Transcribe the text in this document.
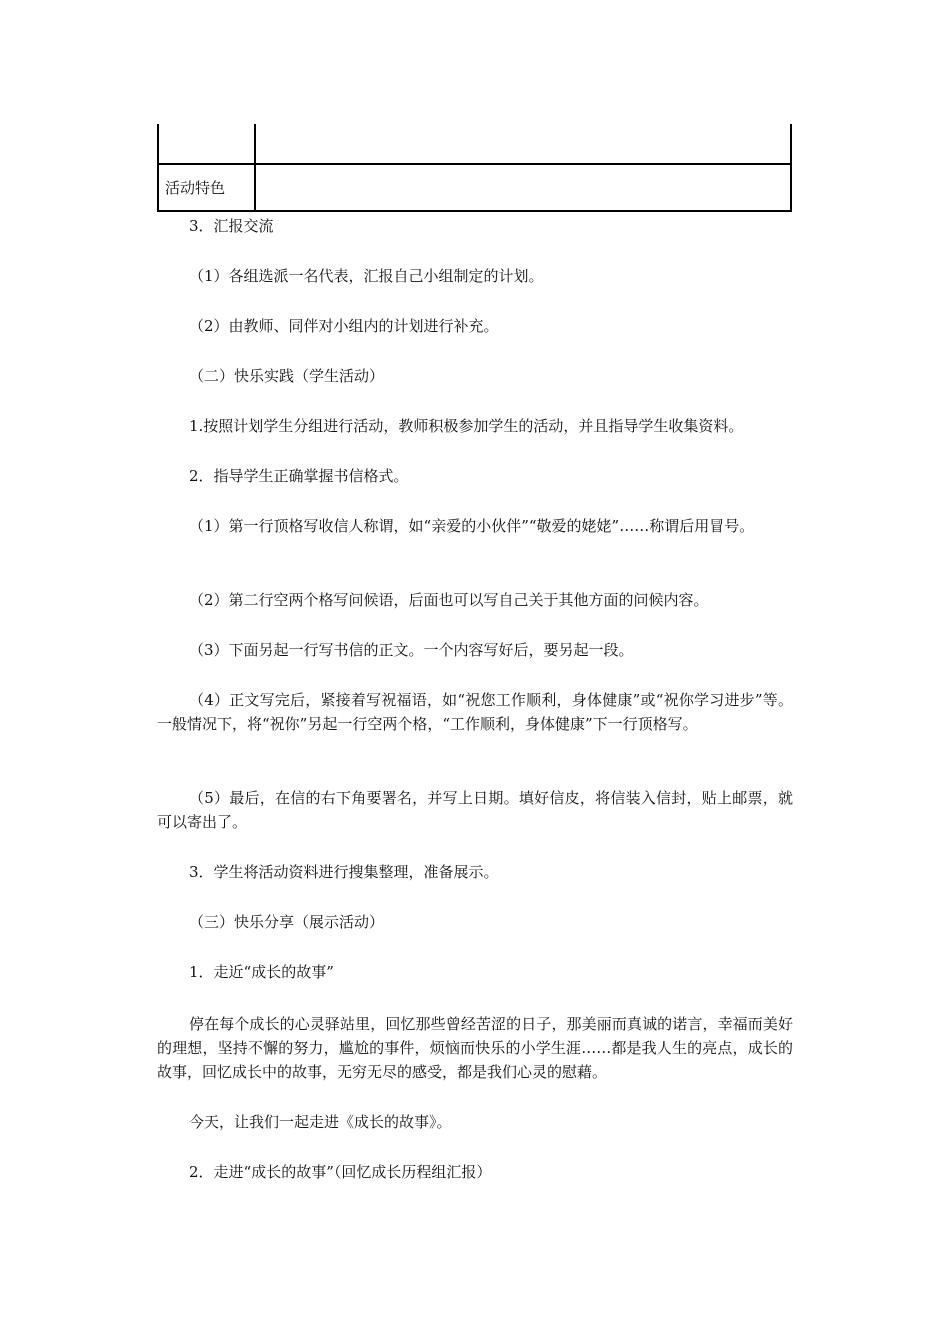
活动特色
3．汇报交流
（1）各组选派一名代表，汇报自己小组制定的计划。
（2）由教师、同伴对小组内的计划进行补充。
（二）快乐实践（学生活动）
1.按照计划学生分组进行活动，教师积极参加学生的活动，并且指导学生收集资料。
2．指导学生正确掌握书信格式。
（1）第一行顶格写收信人称谓，如“亲爱的小伙伴”“敬爱的姥姥”……称谓后用冒号。
（2）第二行空两个格写问候语，后面也可以写自己关于其他方面的问候内容。
（3）下面另起一行写书信的正文。一个内容写好后，要另起一段。
（4）正文写完后，紧接着写祝福语，如“祝您工作顺利，身体健康”或“祝你学习进步”等。一般情况下，将“祝你”另起一行空两个格，“工作顺利，身体健康”下一行顶格写。
（5）最后，在信的右下角要署名，并写上日期。填好信皮，将信装入信封，贴上邮票，就可以寄出了。
3．学生将活动资料进行搜集整理，准备展示。
（三）快乐分享（展示活动）
1．走近“成长的故事”
停在每个成长的心灵驿站里，回忆那些曾经苦涩的日子，那美丽而真诚的诺言，幸福而美好的理想，坚持不懈的努力，尴尬的事件，烦恼而快乐的小学生涯……都是我人生的亮点，成长的故事，回忆成长中的故事，无穷无尽的感受，都是我们心灵的慰藉。
今天，让我们一起走进《成长的故事》。
2．走进“成长的故事”（回忆成长历程组汇报）
